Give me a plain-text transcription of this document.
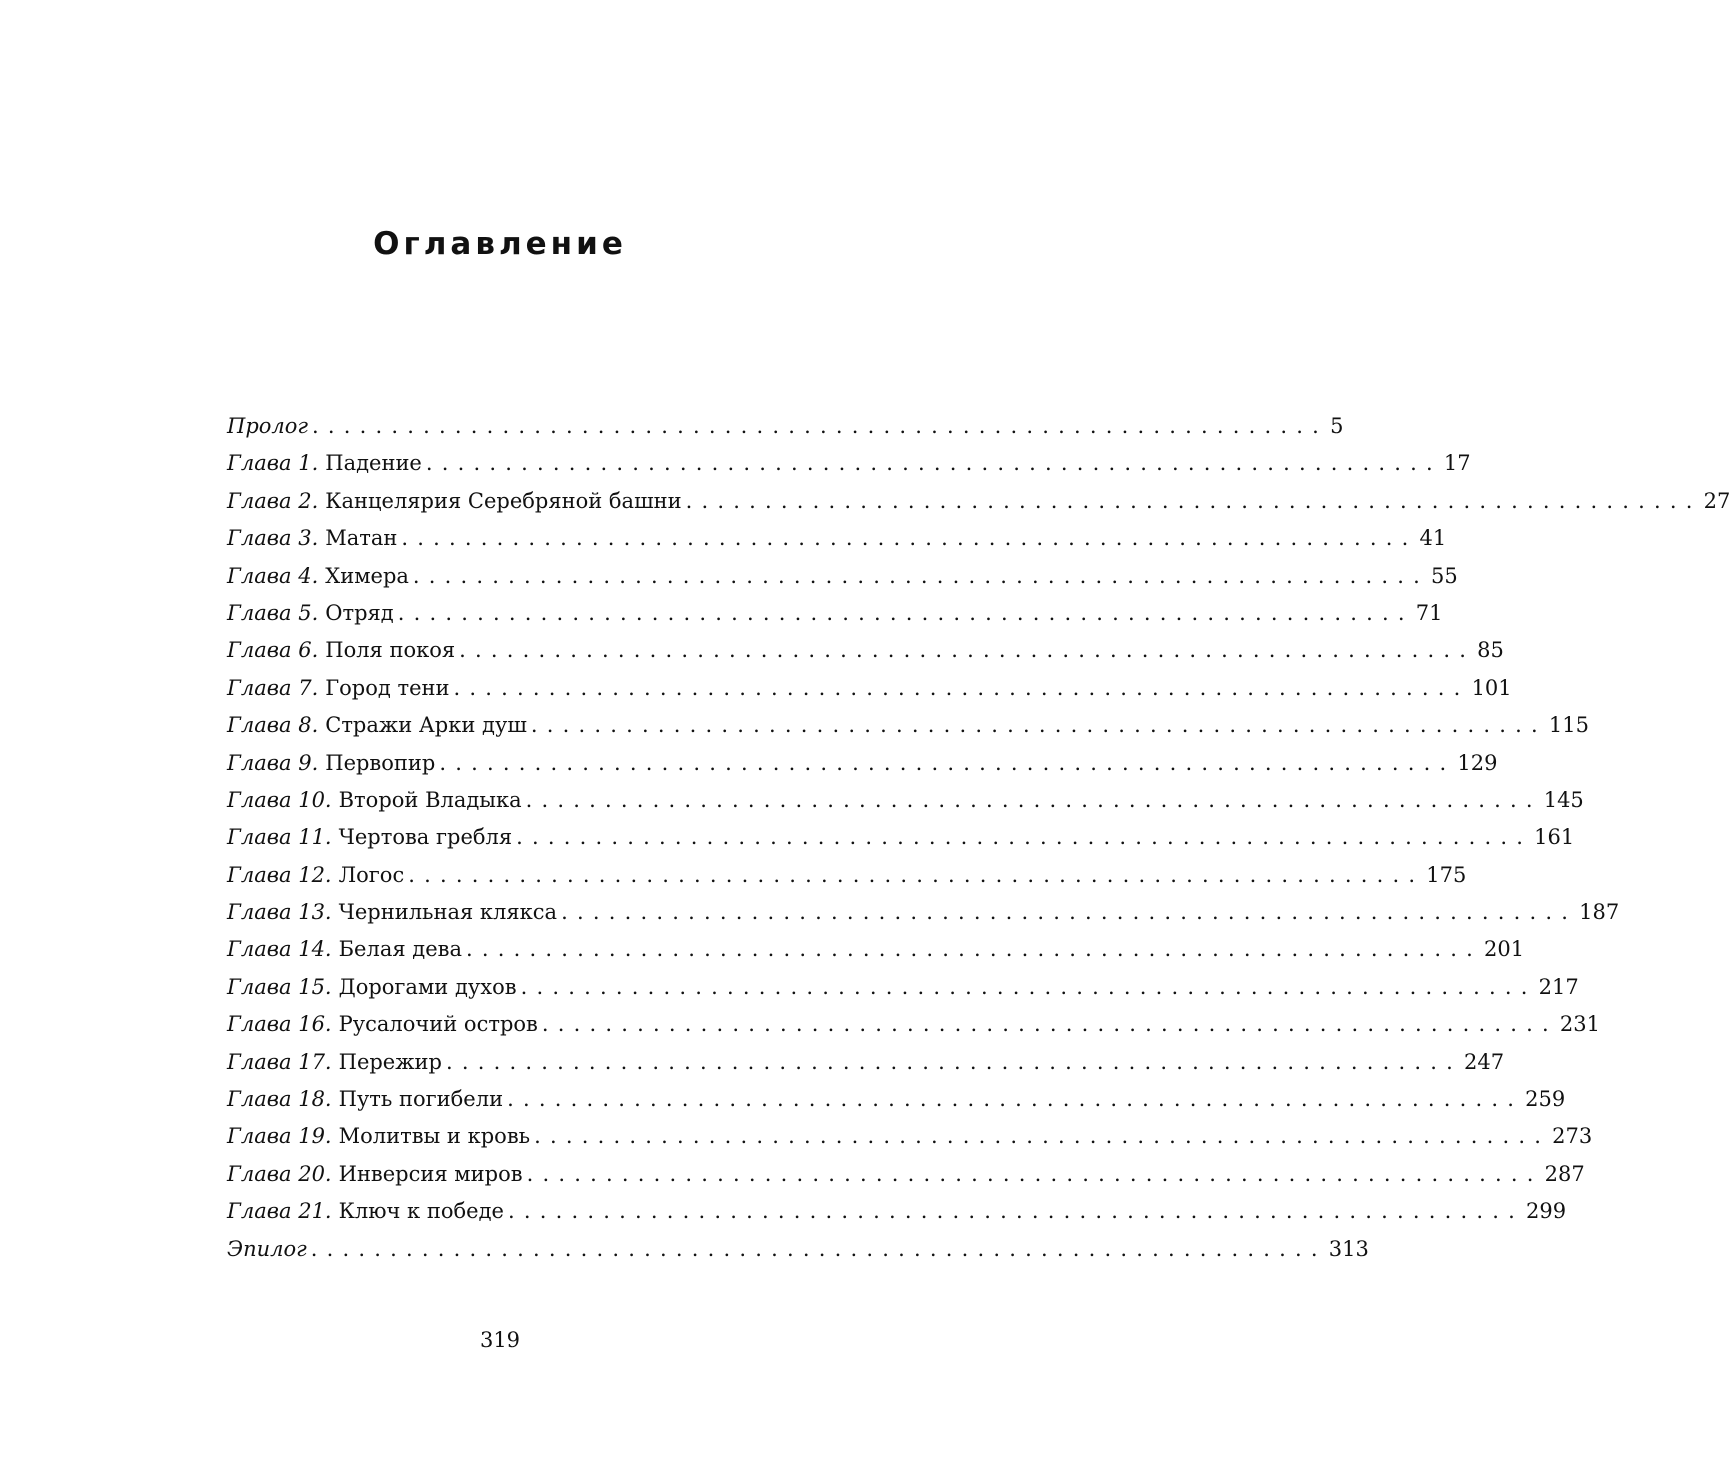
Оглавление
Пролог ................................................................ 5
Глава 1. Падение ................................................................ 17
Глава 2. Канцелярия Серебряной башни ................................................................ 27
Глава 3. Матан ................................................................ 41
Глава 4. Химера ................................................................ 55
Глава 5. Отряд ................................................................ 71
Глава 6. Поля покоя ................................................................ 85
Глава 7. Город тени ................................................................ 101
Глава 8. Стражи Арки душ ................................................................ 115
Глава 9. Первопир ................................................................ 129
Глава 10. Второй Владыка ................................................................ 145
Глава 11. Чертова гребля ................................................................ 161
Глава 12. Логос ................................................................ 175
Глава 13. Чернильная клякса ................................................................ 187
Глава 14. Белая дева ................................................................ 201
Глава 15. Дорогами духов ................................................................ 217
Глава 16. Русалочий остров ................................................................ 231
Глава 17. Пережир ................................................................ 247
Глава 18. Путь погибели ................................................................ 259
Глава 19. Молитвы и кровь ................................................................ 273
Глава 20. Инверсия миров ................................................................ 287
Глава 21. Ключ к победе ................................................................ 299
Эпилог ................................................................ 313
319
